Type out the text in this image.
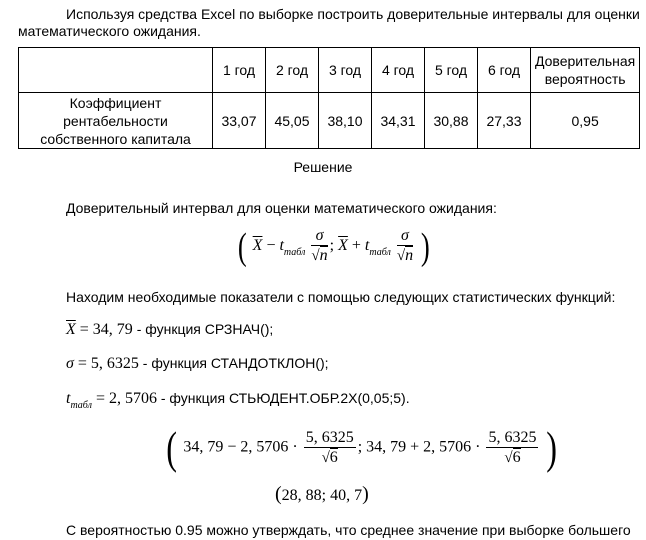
Используя средства Excel по выборке построить доверительные интервалы для оценки
математического ожидания.
	1 год	2 год	3 год	4 год	5 год	6 год	Доверительная вероятность
Коэффициент рентабельности собственного капитала	33,07	45,05	38,10	34,31	30,88	27,33	0,95
Решение
Доверительный интервал для оценки математического ожидания:
( $\overline{X} - t_{табл} \frac{\sigma}{√n}$ ; $\overline{X} + t_{табл} \frac{\sigma}{√n}$ )
Находим необходимые показатели с помощью следующих статистических функций:
$\overline{X} = 34$, 79 - функция СРЗНАЧ();
σ = 5, 6325 - функция СТАНДОТКЛОН();
$t_{табл} = 2$, 5706 - функция СТЬЮДЕНТ.ОБР.2Х(0,05;5).
( 34, 79 − 2, $5706 \cdot \frac{5, 6325}{√6}$ ; 34, 79 + 2, $5706 \cdot \frac{5, 6325}{√6}$ )
(28, 88; 40, 7)
С вероятностью 0.95 можно утверждать, что среднее значение при выборке большего
